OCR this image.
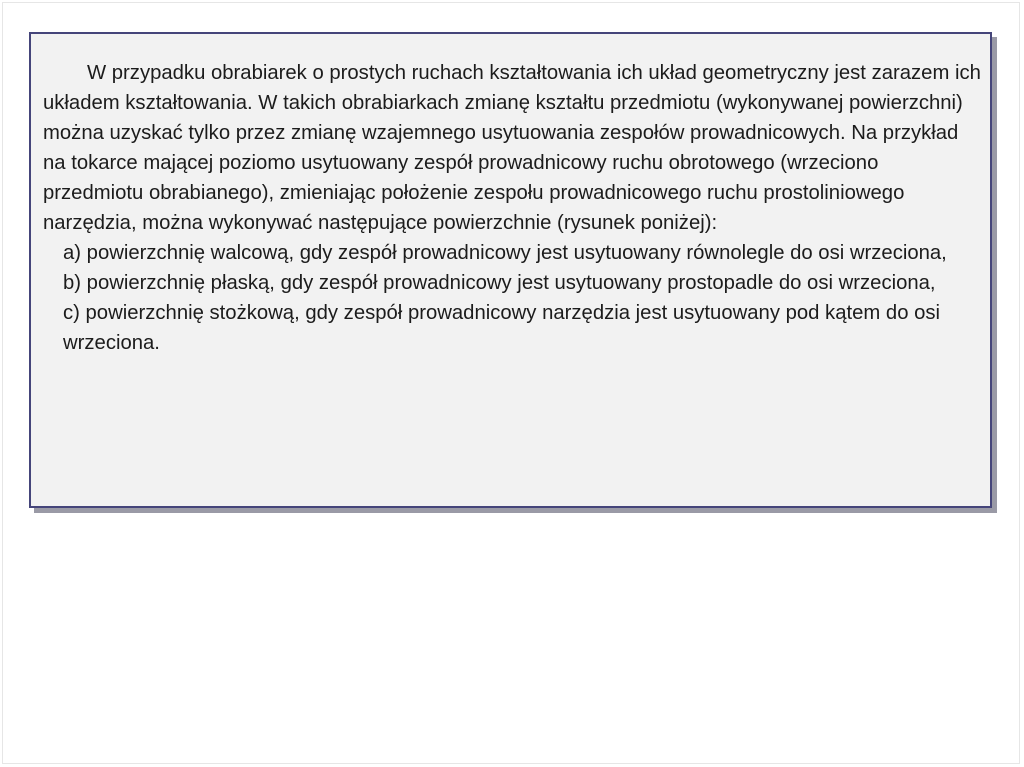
W przypadku obrabiarek o prostych ruchach kształtowania ich układ geometryczny jest zarazem ich układem kształtowania. W takich obrabiarkach zmianę kształtu przedmiotu (wykonywanej powierzchni) można uzyskać tylko przez zmianę wzajemnego usytuowania zespołów prowadnicowych. Na przykład na tokarce mającej poziomo usytuowany zespół prowadnicowy ruchu obrotowego (wrzeciono przedmiotu obrabianego), zmieniając położenie zespołu prowadnicowego ruchu prostoliniowego narzędzia, można wykonywać następujące powierzchnie (rysunek poniżej):

a) powierzchnię walcową, gdy zespół prowadnicowy jest usytuowany równolegle do osi wrzeciona,

b) powierzchnię płaską, gdy zespół prowadnicowy jest usytuowany prostopadle do osi wrzeciona,

c) powierzchnię stożkową, gdy zespół prowadnicowy narzędzia jest usytuowany pod kątem do osi wrzeciona.
